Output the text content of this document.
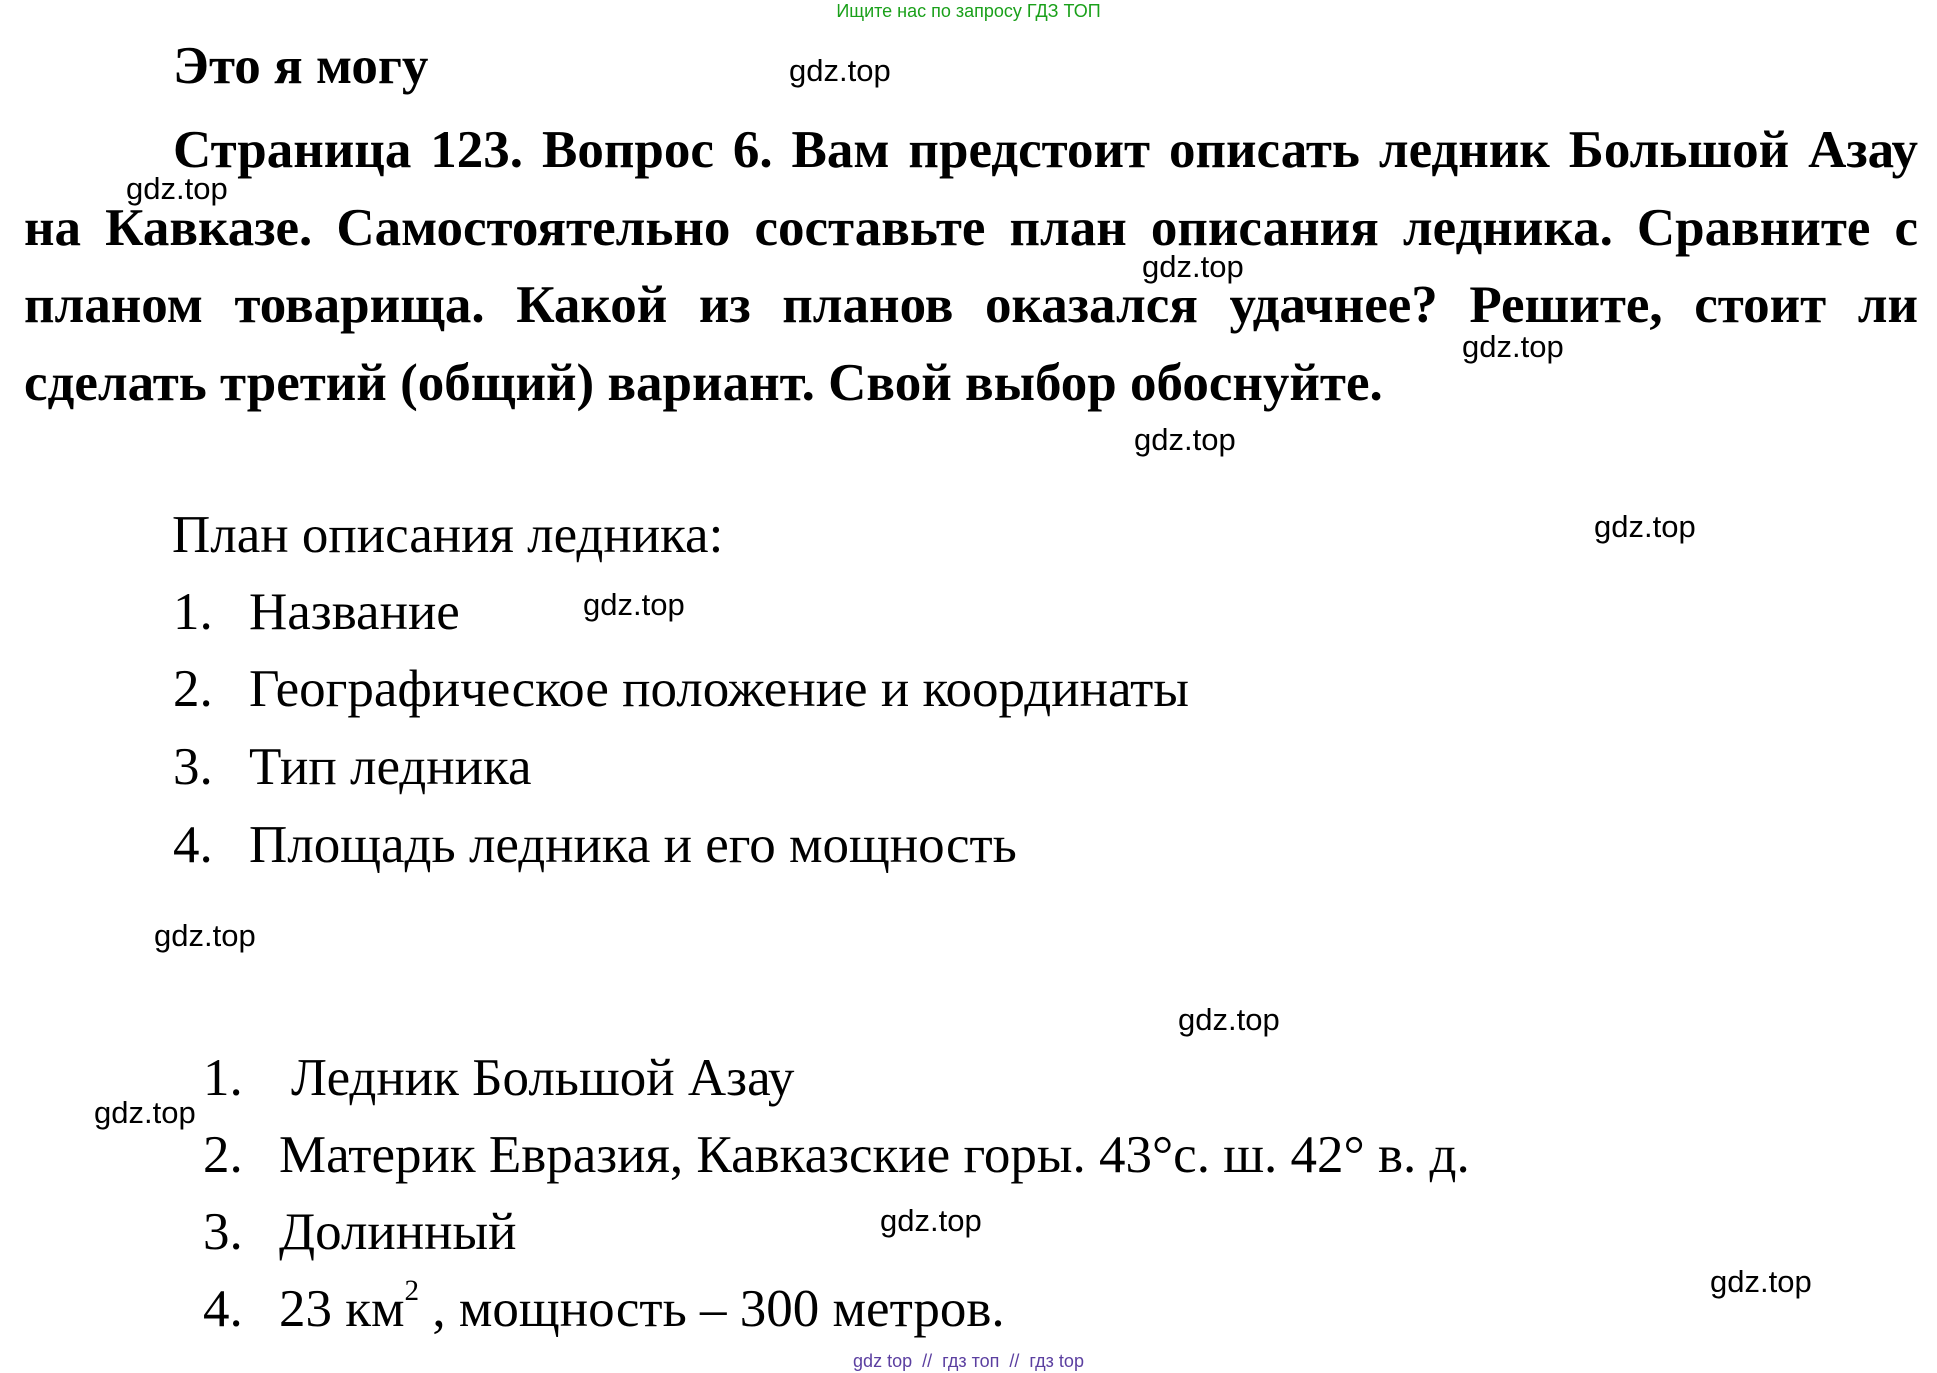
Ищите нас по запросу ГДЗ ТОП
Это я могу

Страница 123. Вопрос 6. Вам предстоит описать ледник Большой Азау на Кавказе. Самостоятельно составьте план описания ледника. Сравните с планом товарища. Какой из планов оказался удачнее? Решите, стоит ли сделать третий (общий) вариант. Свой выбор обоснуйте.

План описания ледника:

1. Название
2. Географическое положение и координаты
3. Тип ледника
4. Площадь ледника и его мощность
1. Ледник Большой Азау
2. Материк Евразия, Кавказские горы. 43°с. ш. 42° в. д.
3. Долинный
4. 23 $км^2$ , мощность – 300 метров.
gdz.top
gdz.top
gdz.top
gdz.top
gdz.top
gdz.top
gdz.top
gdz.top
gdz.top
gdz.top
gdz.top
gdz.top
gdz top  //  гдз топ  //  гдз top
